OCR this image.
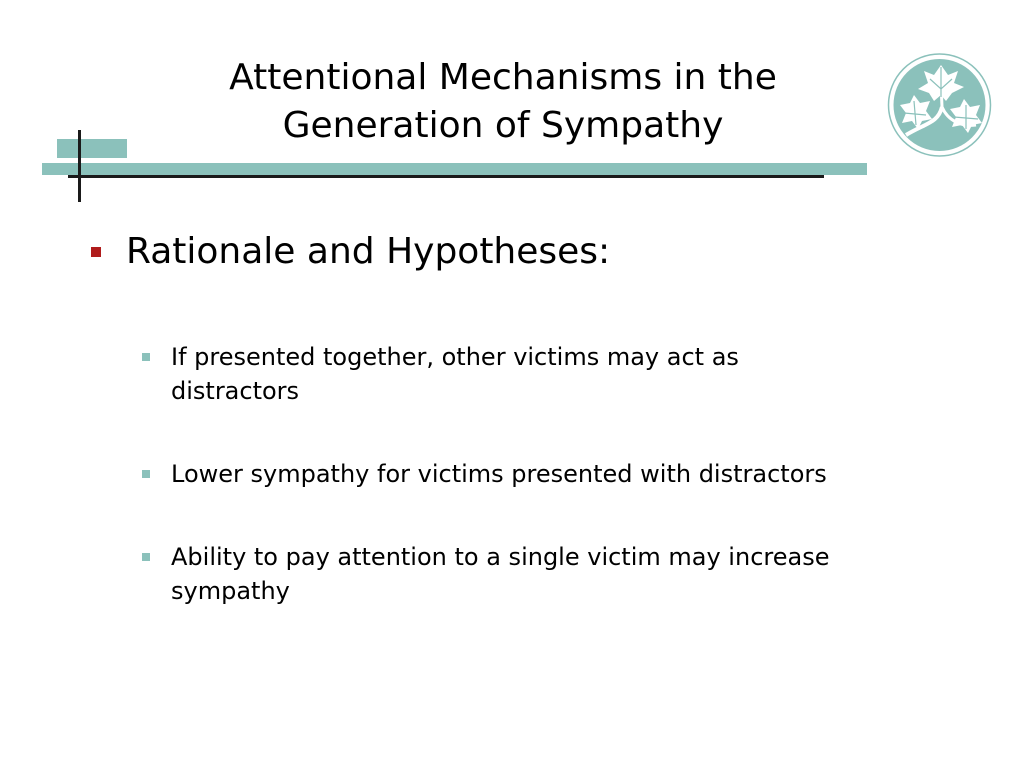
Attentional Mechanisms in the
Generation of Sympathy
Rationale and Hypotheses:
If presented together, other victims may act as distractors
Lower sympathy for victims presented with distractors
Ability to pay attention to a single victim may increase sympathy
